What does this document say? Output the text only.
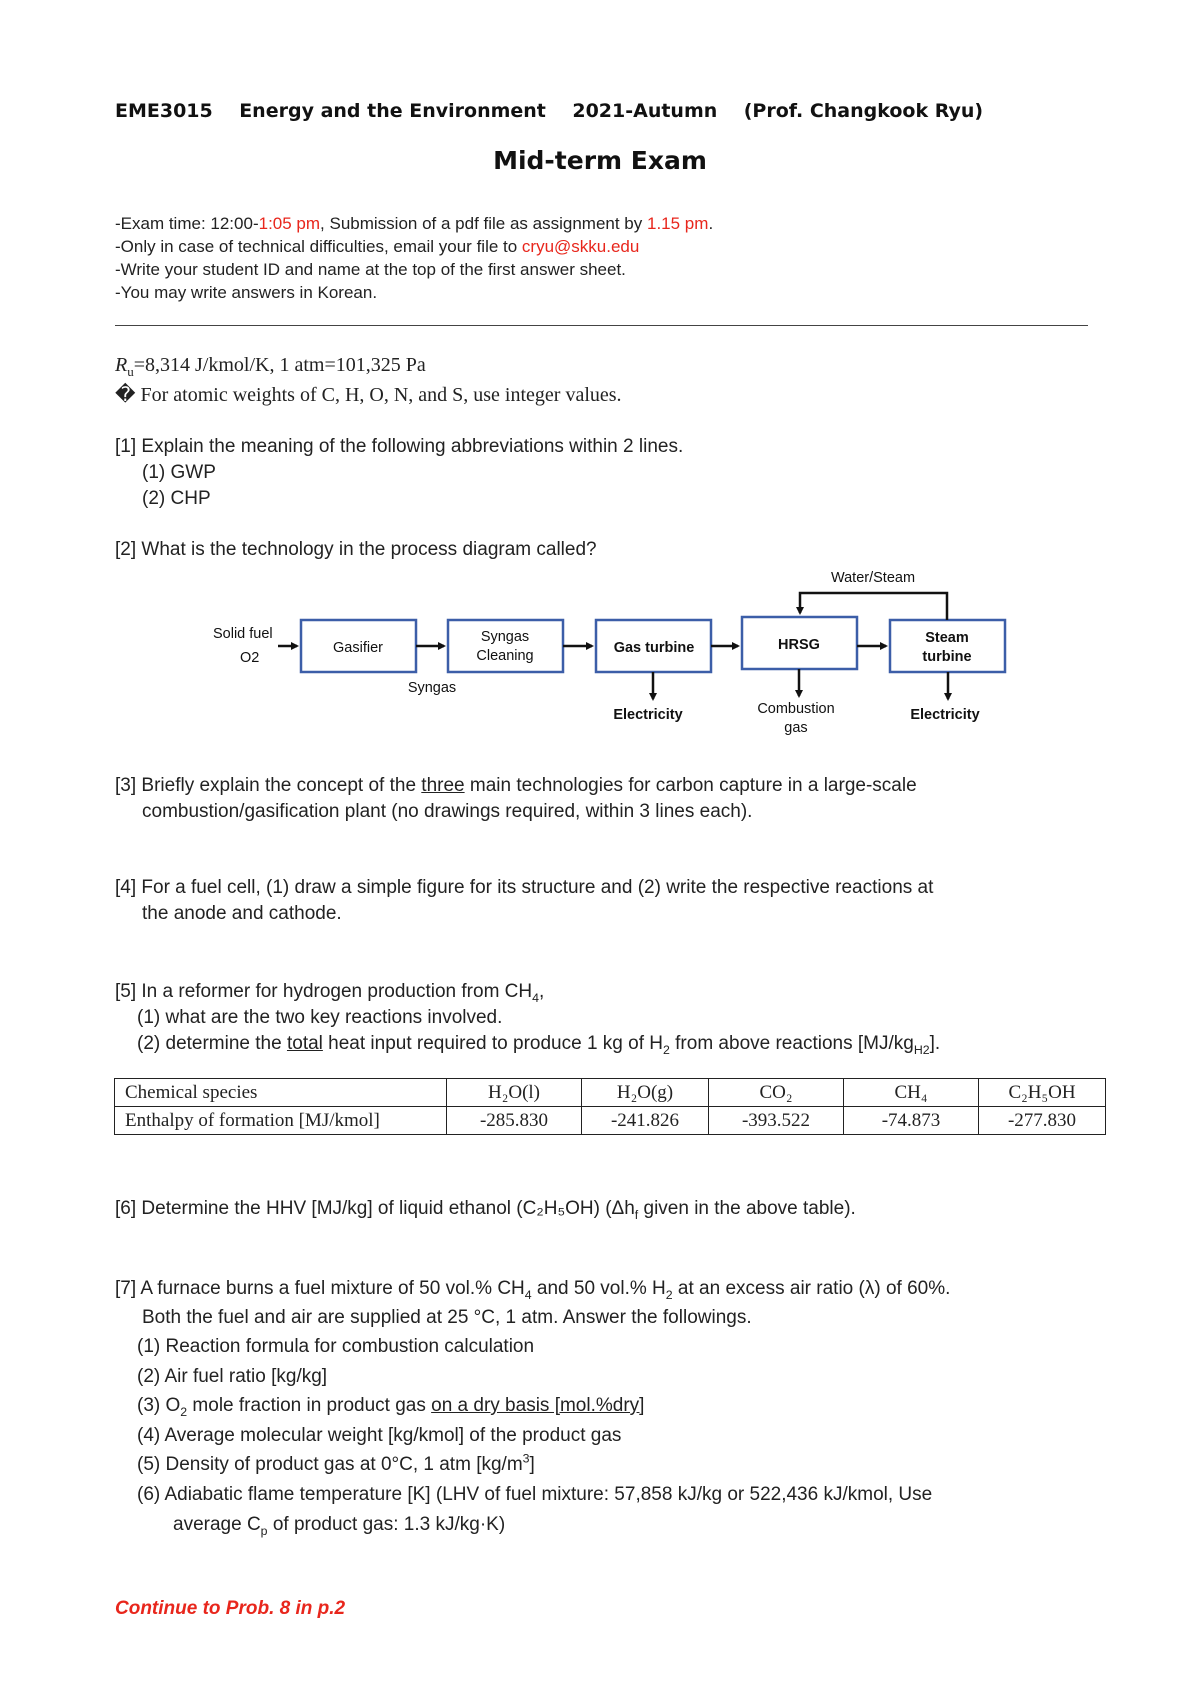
EME3015    Energy and the Environment    2021-Autumn    (Prof. Changkook Ryu)
Mid-term Exam
-Exam time: 12:00-1:05 pm, Submission of a pdf file as assignment by 1.15 pm.
-Only in case of technical difficulties, email your file to cryu@skku.edu
-Write your student ID and name at the top of the first answer sheet.
-You may write answers in Korean.
$R_u=8,314$ J/kmol/K, 1 atm=101,325 Pa
� For atomic weights of C, H, O, N, and S, use integer values.
[1] Explain the meaning of the following abbreviations within 2 lines.
(1) GWP
(2) CHP
[2] What is the technology in the process diagram called?
Solid fuel
O2
Gasifier
Syngas
Cleaning
Syngas
Gas turbine	HRSG	Steam
turbine
Water/Steam
Electricity	Combustion
gas
Electricity
[3] Briefly explain the concept of the three main technologies for carbon capture in a large-scale
combustion/gasification plant (no drawings required, within 3 lines each).
[4] For a fuel cell, (1) draw a simple figure for its structure and (2) write the respective reactions at
the anode and cathode.
[5] In a reformer for hydrogen production from $CH_4$,
(1) what are the two key reactions involved.
(2) determine the total heat input required to produce 1 kg of $H_2$ from above reactions $[MJ/kg_{H2}]$.
Chemical species	H₂O(l)	H₂O(g)	CO₂	CH₄	C₂H₅OH
Enthalpy of formation [MJ/kmol]	-285.830	-241.826	-393.522	-74.873	-277.830
[6] Determine the HHV [MJ/kg] of liquid ethanol (C₂H₅OH) ($\Delta h_f$ given in the above table).
[7] A furnace burns a fuel mixture of 50 vol.% $CH_4$ and 50 vol.% $H_2$ at an excess air ratio (λ) of 60%.
Both the fuel and air are supplied at 25 °C, 1 atm. Answer the followings.
(1) Reaction formula for combustion calculation
(2) Air fuel ratio [kg/kg]
(3) $O_2$ mole fraction in product gas on a dry basis [mol.%dry]
(4) Average molecular weight [kg/kmol] of the product gas
(5) Density of product gas at 0°C, 1 atm $[kg/m^3]$
(6) Adiabatic flame temperature [K] (LHV of fuel mixture: 57,858 kJ/kg or 522,436 kJ/kmol, Use
average $C_p$ of product gas: 1.3 kJ/kg·K)
Continue to Prob. 8 in p.2
